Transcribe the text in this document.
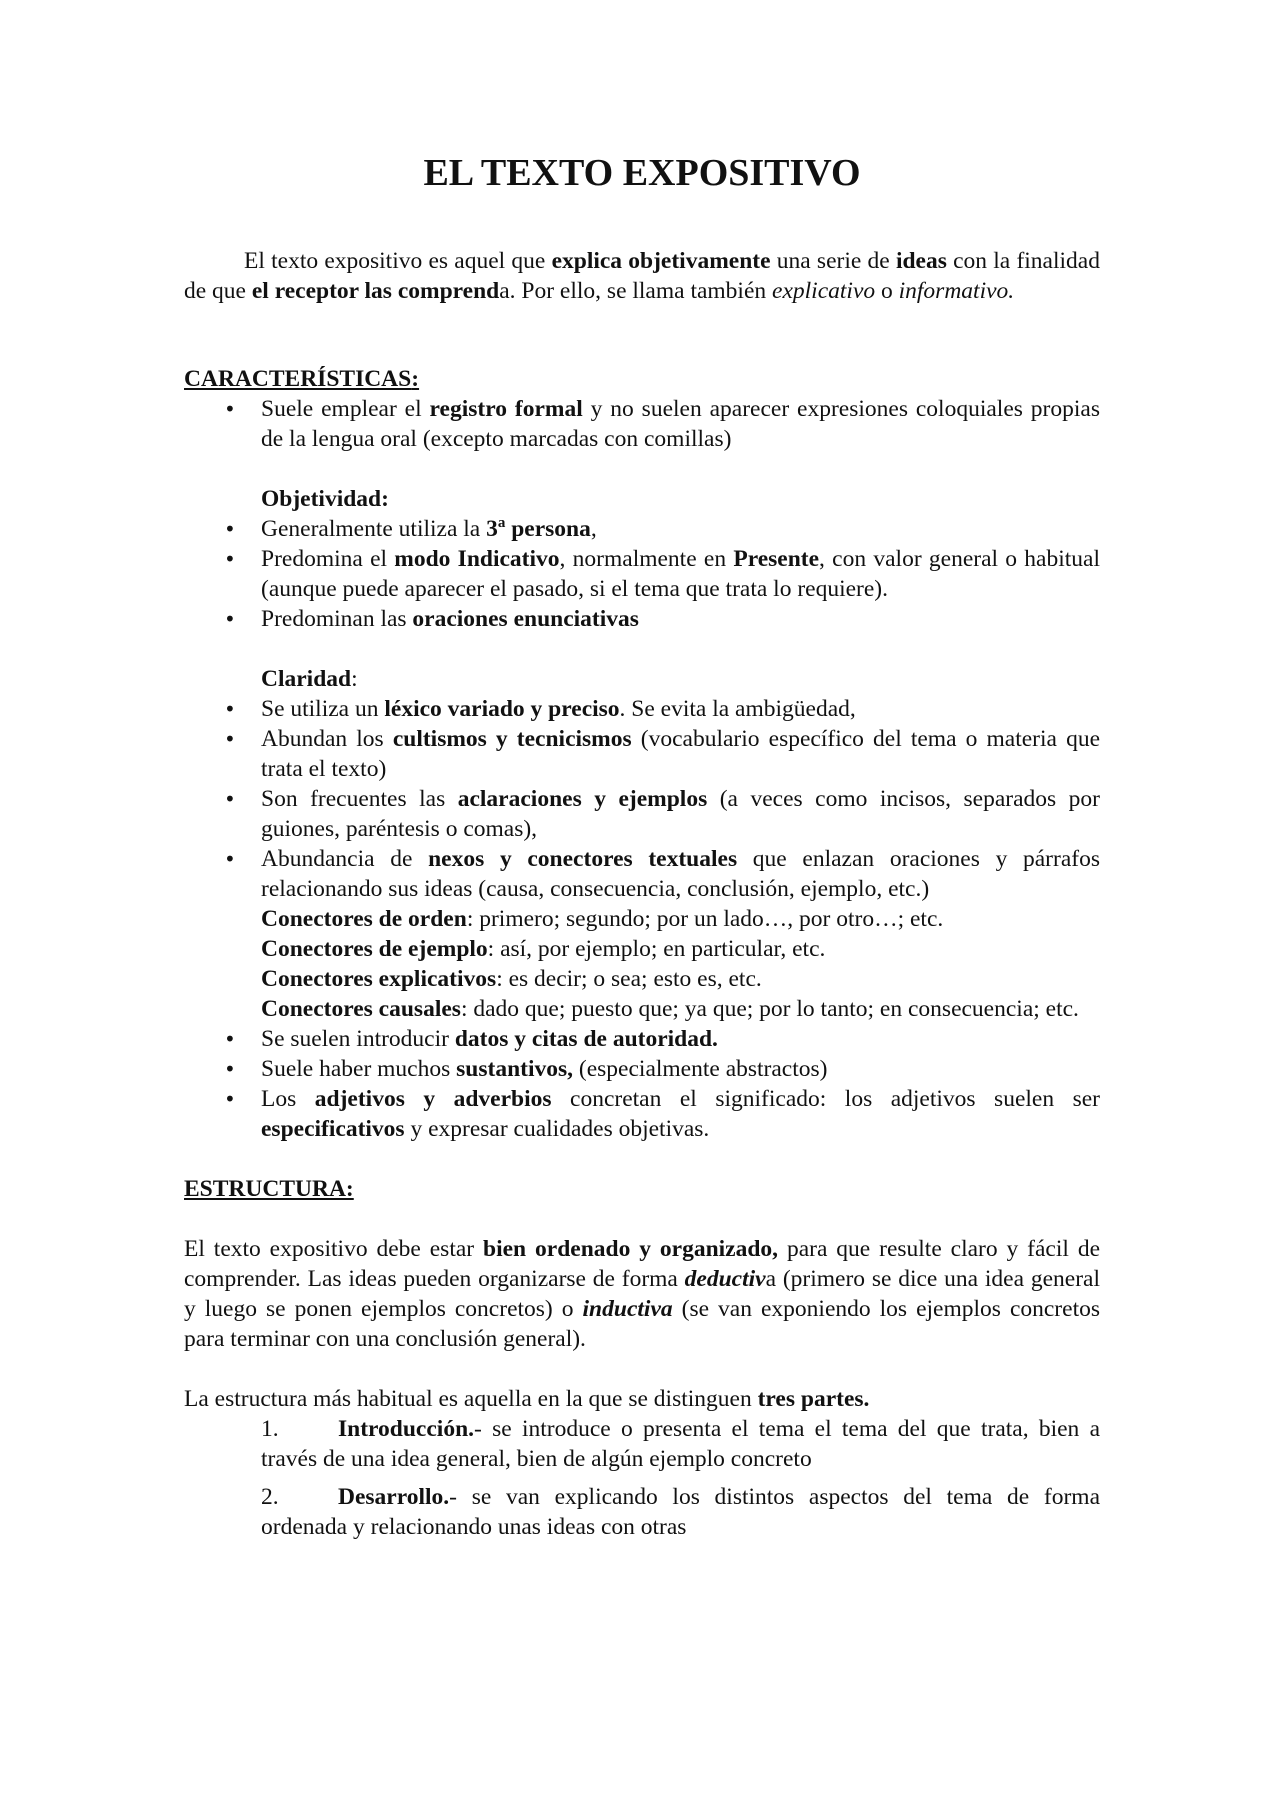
EL TEXTO EXPOSITIVO

El texto expositivo es aquel que explica objetivamente una serie de ideas con la finalidad de que el receptor las comprenda. Por ello, se llama también explicativo o informativo.

CARACTERÍSTICAS:

• Suele emplear el registro formal y no suelen aparecer expresiones coloquiales propias de la lengua oral (excepto marcadas con comillas)

Objetividad:

• Generalmente utiliza la 3$^a$ persona,
• Predomina el modo Indicativo, normalmente en Presente, con valor general o habitual (aunque puede aparecer el pasado, si el tema que trata lo requiere).
• Predominan las oraciones enunciativas

Claridad:

• Se utiliza un léxico variado y preciso. Se evita la ambigüedad,
• Abundan los cultismos y tecnicismos (vocabulario específico del tema o materia que trata el texto)
• Son frecuentes las aclaraciones y ejemplos (a veces como incisos, separados por guiones, paréntesis o comas),
• Abundancia de nexos y conectores textuales que enlazan oraciones y párrafos relacionando sus ideas (causa, consecuencia, conclusión, ejemplo, etc.)
Conectores de orden: primero; segundo; por un lado…, por otro…; etc.
Conectores de ejemplo: así, por ejemplo; en particular, etc.
Conectores explicativos: es decir; o sea; esto es, etc.
Conectores causales: dado que; puesto que; ya que; por lo tanto; en consecuencia; etc.
• Se suelen introducir datos y citas de autoridad.
• Suele haber muchos sustantivos, (especialmente abstractos)
• Los adjetivos y adverbios concretan el significado: los adjetivos suelen ser especificativos y expresar cualidades objetivas.

ESTRUCTURA:

El texto expositivo debe estar bien ordenado y organizado, para que resulte claro y fácil de comprender. Las ideas pueden organizarse de forma deductiva (primero se dice una idea general y luego se ponen ejemplos concretos) o inductiva (se van exponiendo los ejemplos concretos para terminar con una conclusión general).

La estructura más habitual es aquella en la que se distinguen tres partes.

1.	Introducción.- se introduce o presenta el tema el tema del que trata, bien a través de una idea general, bien de algún ejemplo concreto
2.	Desarrollo.- se van explicando los distintos aspectos del tema de forma ordenada y relacionando unas ideas con otras
